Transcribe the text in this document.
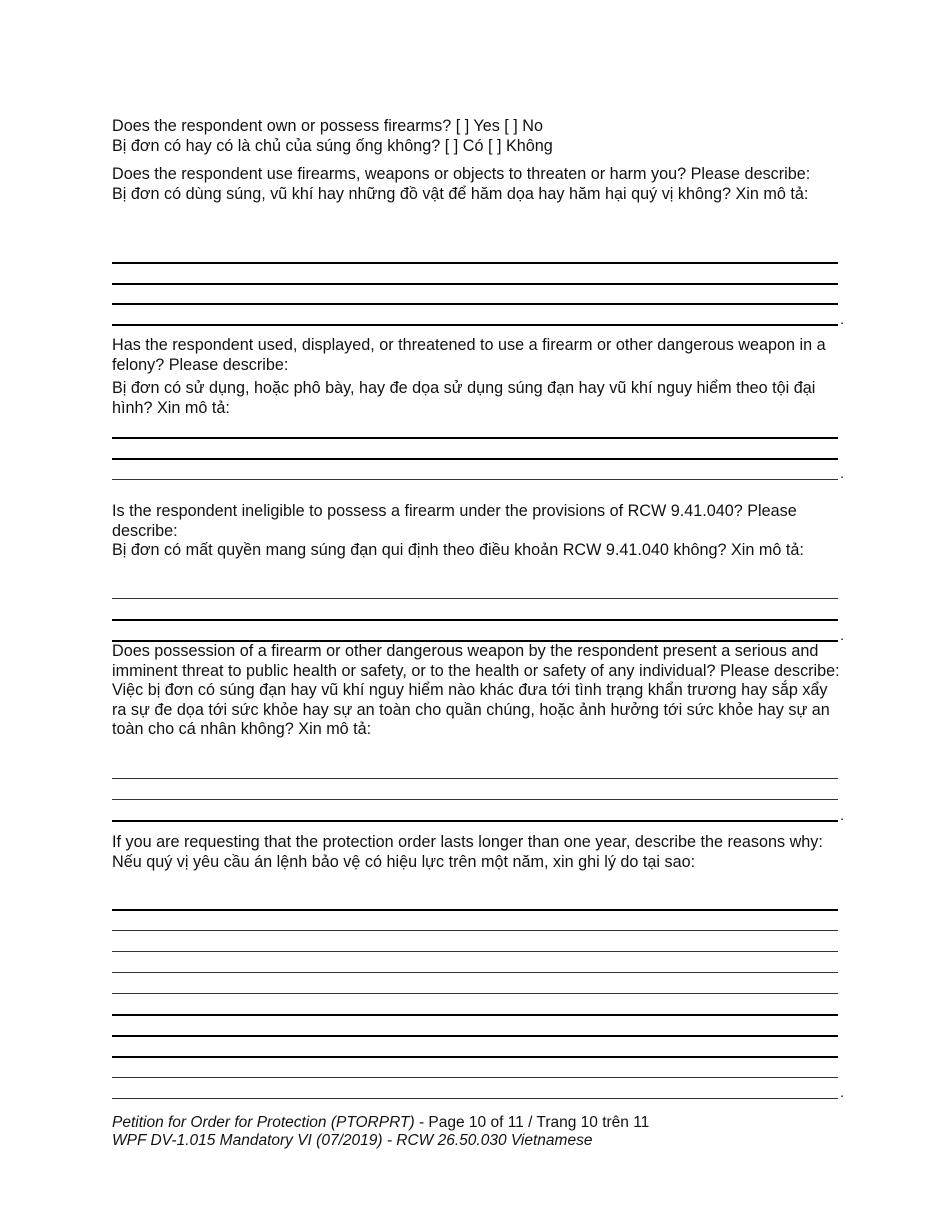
Does the respondent own or possess firearms? [ ] Yes [ ] No

Bị đơn có hay có là chủ của súng ống không? [ ] Có [ ] Không

Does the respondent use firearms, weapons or objects to threaten or harm you? Please describe:

Bị đơn có dùng súng, vũ khí hay những đồ vật để hăm dọa hay hăm hại quý vị không? Xin mô tả:

.

Has the respondent used, displayed, or threatened to use a firearm or other dangerous weapon in a felony? Please describe:

Bị đơn có sử dụng, hoặc phô bày, hay đe dọa sử dụng súng đạn hay vũ khí nguy hiểm theo tội đại hình? Xin mô tả:

.

Is the respondent ineligible to possess a firearm under the provisions of RCW 9.41.040? Please describe:

Bị đơn có mất quyền mang súng đạn qui định theo điều khoản RCW 9.41.040 không? Xin mô tả:

.

Does possession of a firearm or other dangerous weapon by the respondent present a serious and imminent threat to public health or safety, or to the health or safety of any individual? Please describe:

Việc bị đơn có súng đạn hay vũ khí nguy hiểm nào khác đưa tới tình trạng khẩn trương hay sắp xẩy ra sự đe dọa tới sức khỏe hay sự an toàn cho quần chúng, hoặc ảnh hưởng tới sức khỏe hay sự an toàn cho cá nhân không? Xin mô tả:

.

If you are requesting that the protection order lasts longer than one year, describe the reasons why:

Nếu quý vị yêu cầu án lệnh bảo vệ có hiệu lực trên một năm, xin ghi lý do tại sao:

.
Petition for Order for Protection (PTORPRT) - Page 10 of 11 / Trang 10 trên 11
WPF DV-1.015 Mandatory VI (07/2019) - RCW 26.50.030 Vietnamese
